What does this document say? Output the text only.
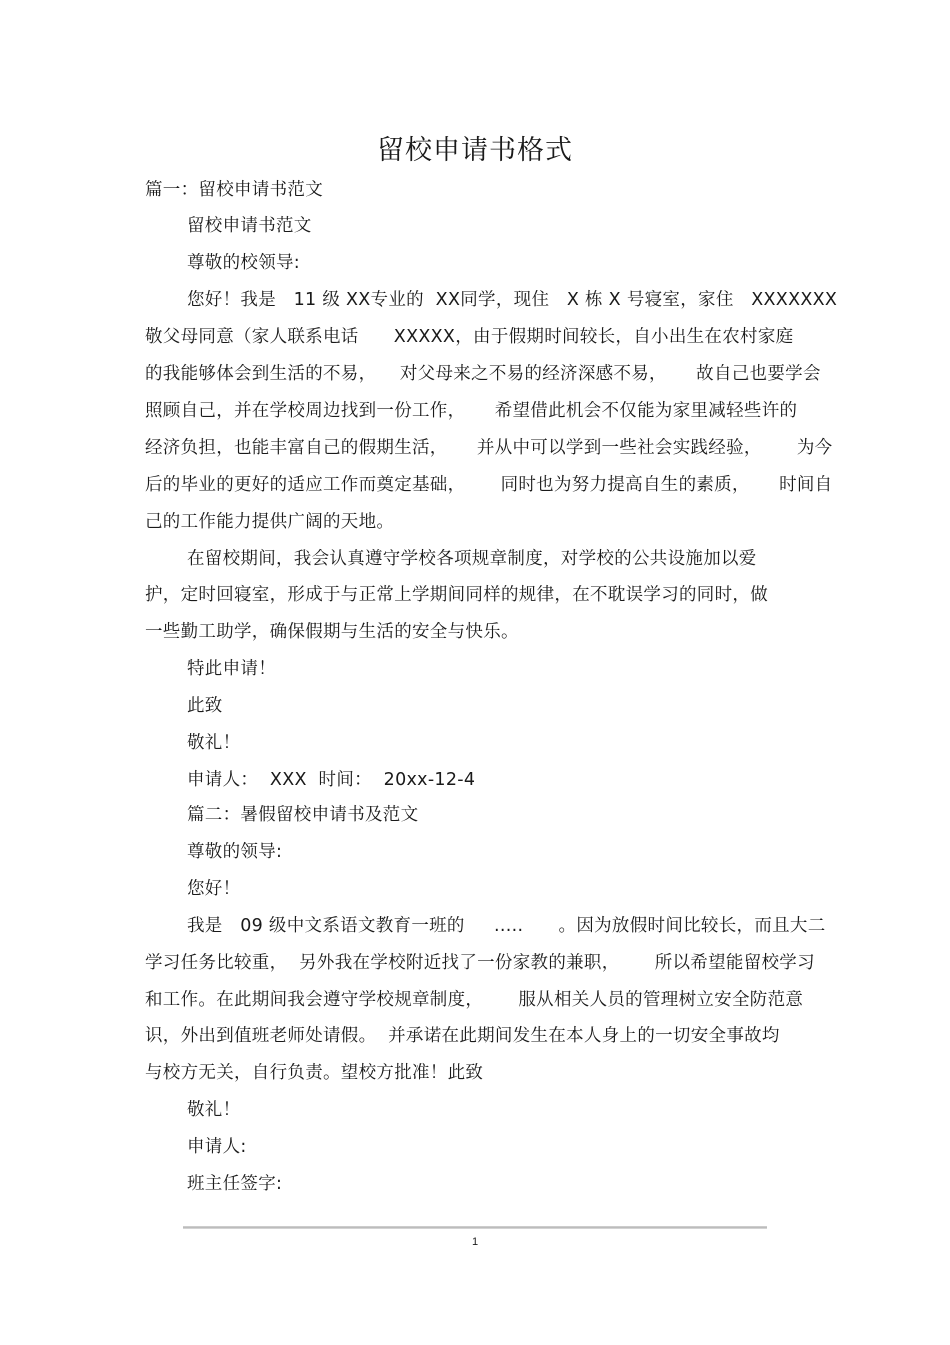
留校申请书格式
篇一：留校申请书范文
留校申请书范文
尊敬的校领导:
您好！我是   11 级 XX专业的  XX同学，现住   X 栋 X 号寝室，家住   XXXXXXX
敬父母同意（家人联系电话      XXXXX，由于假期时间较长，自小出生在农村家庭
的我能够体会到生活的不易，    对父母来之不易的经济深感不易，     故自己也要学会
照顾自己，并在学校周边找到一份工作，     希望借此机会不仅能为家里减轻些许的
经济负担，也能丰富自己的假期生活，     并从中可以学到一些社会实践经验，      为今
后的毕业的更好的适应工作而奠定基础，      同时也为努力提高自生的素质，     时间自
己的工作能力提供广阔的天地。
在留校期间，我会认真遵守学校各项规章制度，对学校的公共设施加以爱
护，定时回寝室，形成于与正常上学期间同样的规律，在不耽误学习的同时，做
一些勤工助学，确保假期与生活的安全与快乐。
特此申请！
此致
敬礼！
申请人：  XXX  时间：  20xx-12-4
篇二：暑假留校申请书及范文
尊敬的领导:
您好！
我是   09 级中文系语文教育一班的     .....      。因为放假时间比较长，而且大二
学习任务比较重，  另外我在学校附近找了一份家教的兼职，      所以希望能留校学习
和工作。在此期间我会遵守学校规章制度，      服从相关人员的管理树立安全防范意
识，外出到值班老师处请假。  并承诺在此期间发生在本人身上的一切安全事故均
与校方无关，自行负责。望校方批准！此致
敬礼！
申请人:
班主任签字:
1
